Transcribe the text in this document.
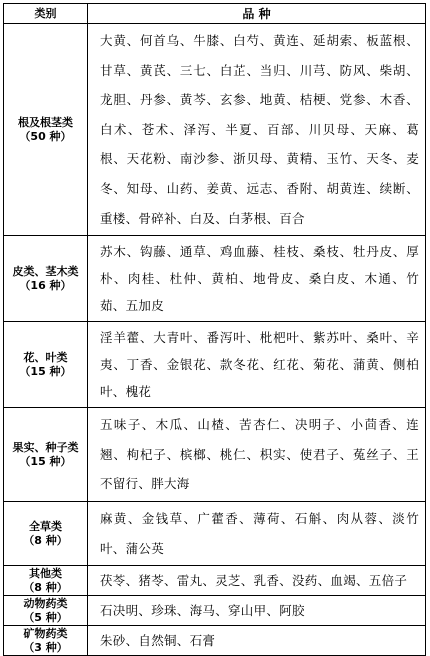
类别	品 种

根及根茎类
（50 种）	大黄、何首乌、牛膝、白芍、黄连、延胡索、板蓝根、甘草、黄芪、三七、白芷、当归、川芎、防风、柴胡、龙胆、丹参、黄芩、玄参、地黄、桔梗、党参、木香、白术、苍术、泽泻、半夏、百部、川贝母、天麻、葛根、天花粉、南沙参、浙贝母、黄精、玉竹、天冬、麦冬、知母、山药、姜黄、远志、香附、胡黄连、续断、重楼、骨碎补、白及、白茅根、百合

皮类、茎木类
（16 种）	苏木、钩藤、通草、鸡血藤、桂枝、桑枝、牡丹皮、厚朴、肉桂、杜仲、黄柏、地骨皮、桑白皮、木通、竹茹、五加皮

花、叶类
（15 种）	淫羊藿、大青叶、番泻叶、枇杷叶、紫苏叶、桑叶、辛夷、丁香、金银花、款冬花、红花、菊花、蒲黄、侧柏叶、槐花

果实、种子类
（15 种）	五味子、木瓜、山楂、苦杏仁、决明子、小茴香、连翘、枸杞子、槟榔、桃仁、枳实、使君子、菟丝子、王不留行、胖大海

全草类
（8 种）	麻黄、金钱草、广藿香、薄荷、石斛、肉从蓉、淡竹叶、蒲公英

其他类
（8 种）	茯苓、猪苓、雷丸、灵芝、乳香、没药、血竭、五倍子

动物药类
（5 种）	石决明、珍珠、海马、穿山甲、阿胶

矿物药类
（3 种）	朱砂、自然铜、石膏
